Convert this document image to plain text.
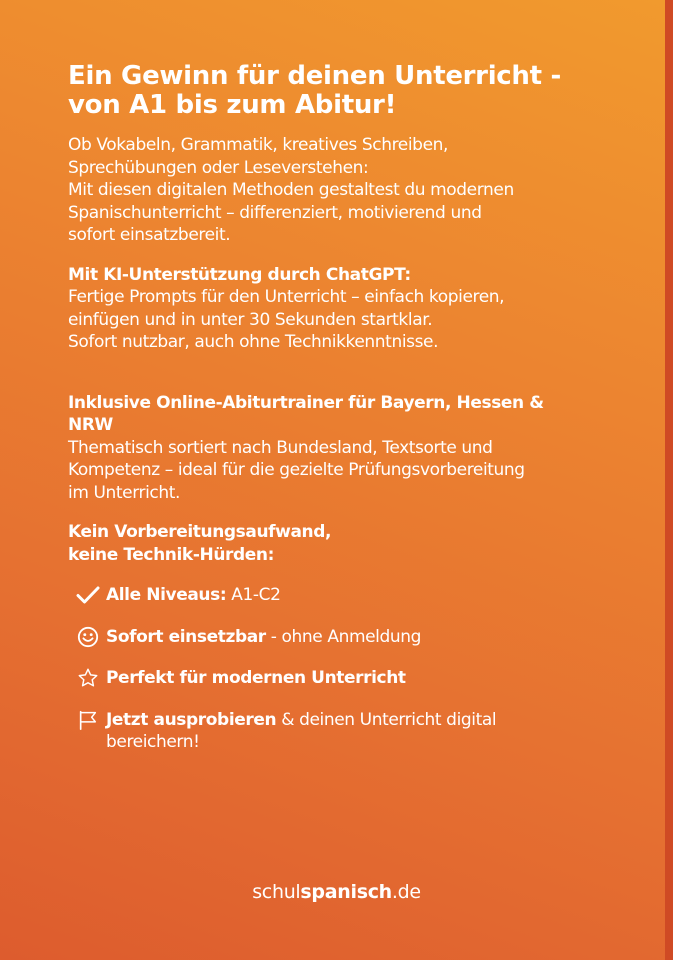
Ein Gewinn für deinen Unterricht -
von A1 bis zum Abitur!

Ob Vokabeln, Grammatik, kreatives Schreiben,
Sprechübungen oder Leseverstehen:
Mit diesen digitalen Methoden gestaltest du modernen
Spanischunterricht – differenziert, motivierend und
sofort einsatzbereit.

Mit KI-Unterstützung durch ChatGPT:
Fertige Prompts für den Unterricht – einfach kopieren,
einfügen und in unter 30 Sekunden startklar.
Sofort nutzbar, auch ohne Technikkenntnisse.

Inklusive Online-Abiturtrainer für Bayern, Hessen &
NRW
Thematisch sortiert nach Bundesland, Textsorte und
Kompetenz – ideal für die gezielte Prüfungsvorbereitung
im Unterricht.

Kein Vorbereitungsaufwand,
keine Technik-Hürden:

Alle Niveaus: A1-C2
Sofort einsetzbar - ohne Anmeldung
Perfekt für modernen Unterricht
Jetzt ausprobieren & deinen Unterricht digital
bereichern!
schulspanisch.de
